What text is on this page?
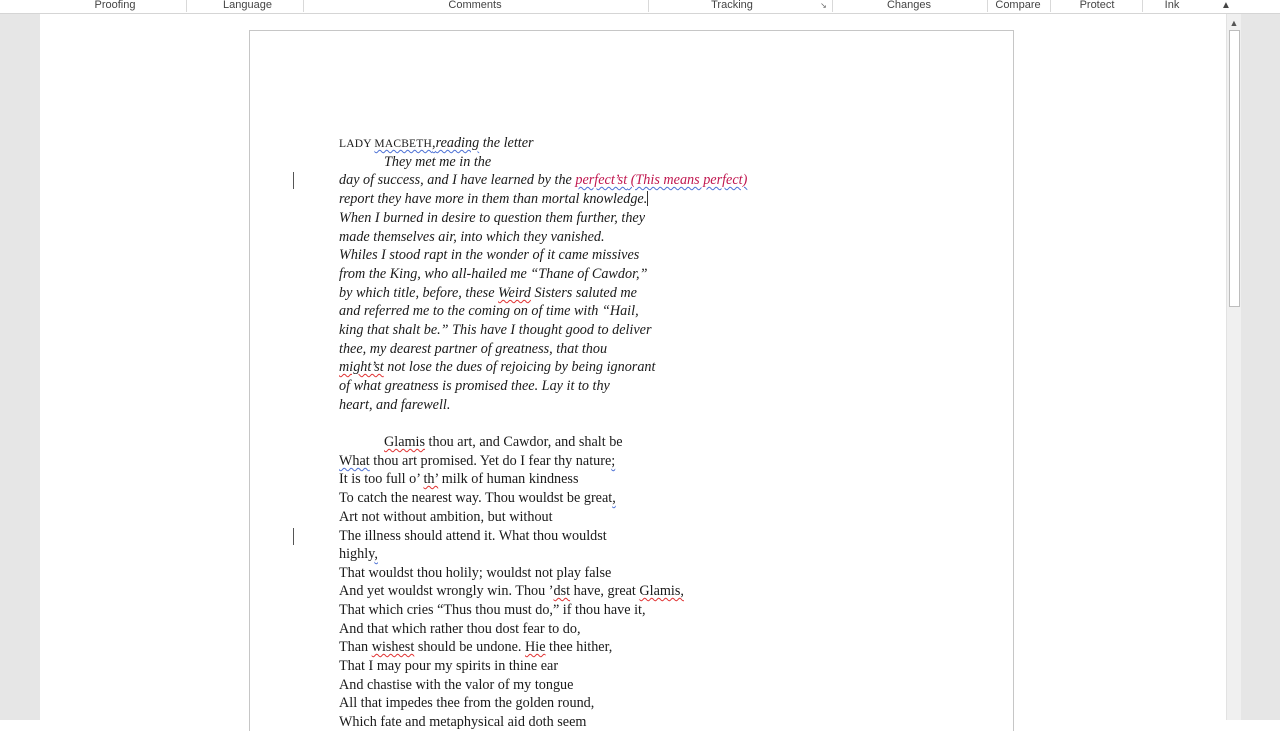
Proofing	Language	Comments	Tracking	↘	Changes	Compare	Protect	Ink	▲
▲
LADY MACBETH,reading the letter
They met me in the
day of success, and I have learned by the perfect’st (This means perfect)
report they have more in them than mortal knowledge.
When I burned in desire to question them further, they
made themselves air, into which they vanished.
Whiles I stood rapt in the wonder of it came missives
from the King, who all-hailed me “Thane of Cawdor,”
by which title, before, these Weird Sisters saluted me
and referred me to the coming on of time with “Hail,
king that shalt be.” This have I thought good to deliver
thee, my dearest partner of greatness, that thou
might’st not lose the dues of rejoicing by being ignorant
of what greatness is promised thee. Lay it to thy
heart, and farewell.
Glamis thou art, and Cawdor, and shalt be
What thou art promised. Yet do I fear thy nature;
It is too full o’ th’ milk of human kindness
To catch the nearest way. Thou wouldst be great,
Art not without ambition, but without
The illness should attend it. What thou wouldst
highly,
That wouldst thou holily; wouldst not play false
And yet wouldst wrongly win. Thou ’dst have, great Glamis,
That which cries “Thus thou must do,” if thou have it,
And that which rather thou dost fear to do,
Than wishest should be undone. Hie thee hither,
That I may pour my spirits in thine ear
And chastise with the valor of my tongue
All that impedes thee from the golden round,
Which fate and metaphysical aid doth seem
